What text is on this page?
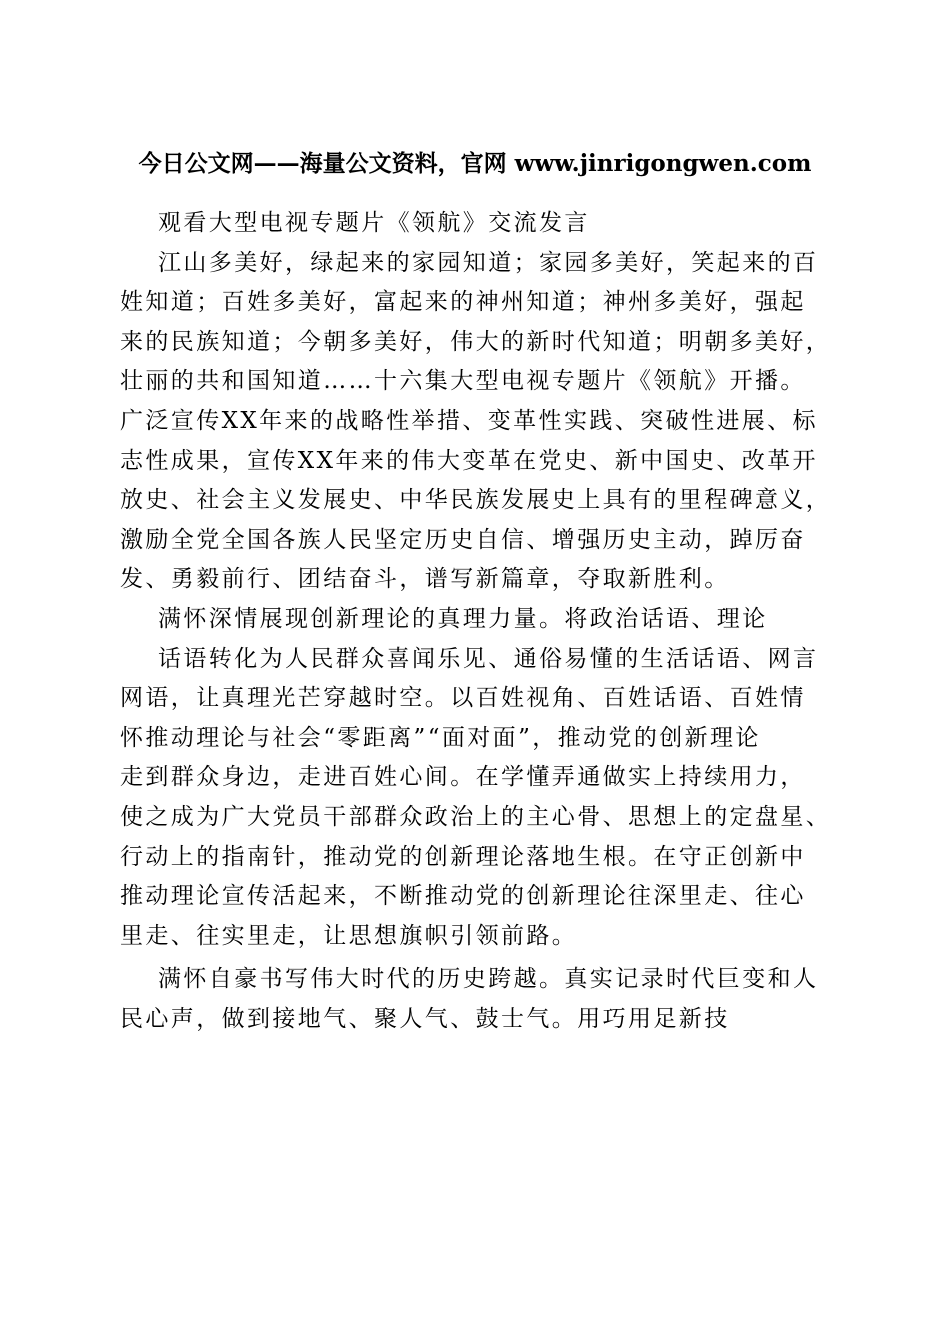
今日公文网——海量公文资料，官网 www.jinrigongwen.com
观看大型电视专题片《领航》交流发言
江山多美好，绿起来的家园知道；家园多美好，笑起来的百
姓知道；百姓多美好，富起来的神州知道；神州多美好，强起
来的民族知道；今朝多美好，伟大的新时代知道；明朝多美好，
壮丽的共和国知道……十六集大型电视专题片《领航》开播。
广泛宣传XX年来的战略性举措、变革性实践、突破性进展、标
志性成果，宣传XX年来的伟大变革在党史、新中国史、改革开
放史、社会主义发展史、中华民族发展史上具有的里程碑意义，
激励全党全国各族人民坚定历史自信、增强历史主动，踔厉奋
发、勇毅前行、团结奋斗，谱写新篇章，夺取新胜利。
满怀深情展现创新理论的真理力量。将政治话语、理论
话语转化为人民群众喜闻乐见、通俗易懂的生活话语、网言
网语，让真理光芒穿越时空。以百姓视角、百姓话语、百姓情
怀推动理论与社会“零距离”“面对面”，推动党的创新理论
走到群众身边，走进百姓心间。在学懂弄通做实上持续用力，
使之成为广大党员干部群众政治上的主心骨、思想上的定盘星、
行动上的指南针，推动党的创新理论落地生根。在守正创新中
推动理论宣传活起来，不断推动党的创新理论往深里走、往心
里走、往实里走，让思想旗帜引领前路。
满怀自豪书写伟大时代的历史跨越。真实记录时代巨变和人
民心声，做到接地气、聚人气、鼓士气。用巧用足新技
